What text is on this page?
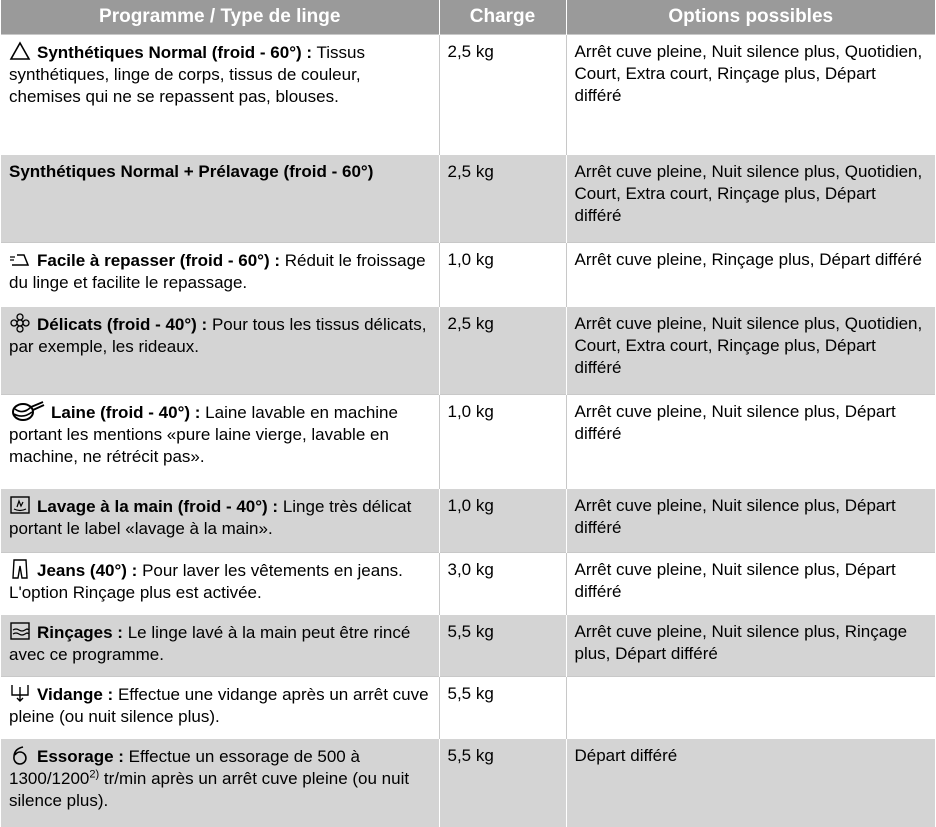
Programme / Type de linge	Charge	Options possibles

Synthétiques Normal (froid - 60°) : Tissus synthétiques, linge de corps, tissus de couleur, chemises qui ne se repassent pas, blouses.	2,5 kg	Arrêt cuve pleine, Nuit silence plus, Quotidien, Court, Extra court, Rinçage plus, Départ différé
Synthétiques Normal + Prélavage (froid - 60°)	2,5 kg	Arrêt cuve pleine, Nuit silence plus, Quotidien, Court, Extra court, Rinçage plus, Départ différé

Facile à repasser (froid - 60°) : Réduit le froissage du linge et facilite le repassage.	1,0 kg	Arrêt cuve pleine, Rinçage plus, Départ différé

Délicats (froid - 40°) : Pour tous les tissus délicats, par exemple, les rideaux.	2,5 kg	Arrêt cuve pleine, Nuit silence plus, Quotidien, Court, Extra court, Rinçage plus, Départ différé

Laine (froid - 40°) : Laine lavable en machine portant les mentions «pure laine vierge, lavable en machine, ne rétrécit pas».	1,0 kg	Arrêt cuve pleine, Nuit silence plus, Départ différé

Lavage à la main (froid - 40°) : Linge très délicat portant le label «lavage à la main».	1,0 kg	Arrêt cuve pleine, Nuit silence plus, Départ différé

Jeans (40°) : Pour laver les vêtements en jeans. L'option Rinçage plus est activée.	3,0 kg	Arrêt cuve pleine, Nuit silence plus, Départ différé

Rinçages : Le linge lavé à la main peut être rincé avec ce programme.	5,5 kg	Arrêt cuve pleine, Nuit silence plus, Rinçage plus, Départ différé

Vidange : Effectue une vidange après un arrêt cuve pleine (ou nuit silence plus).	5,5 kg	

Essorage : Effectue un essorage de 500 à 1300/1200$^{2)}$ tr/min après un arrêt cuve pleine (ou nuit silence plus).	5,5 kg	Départ différé
